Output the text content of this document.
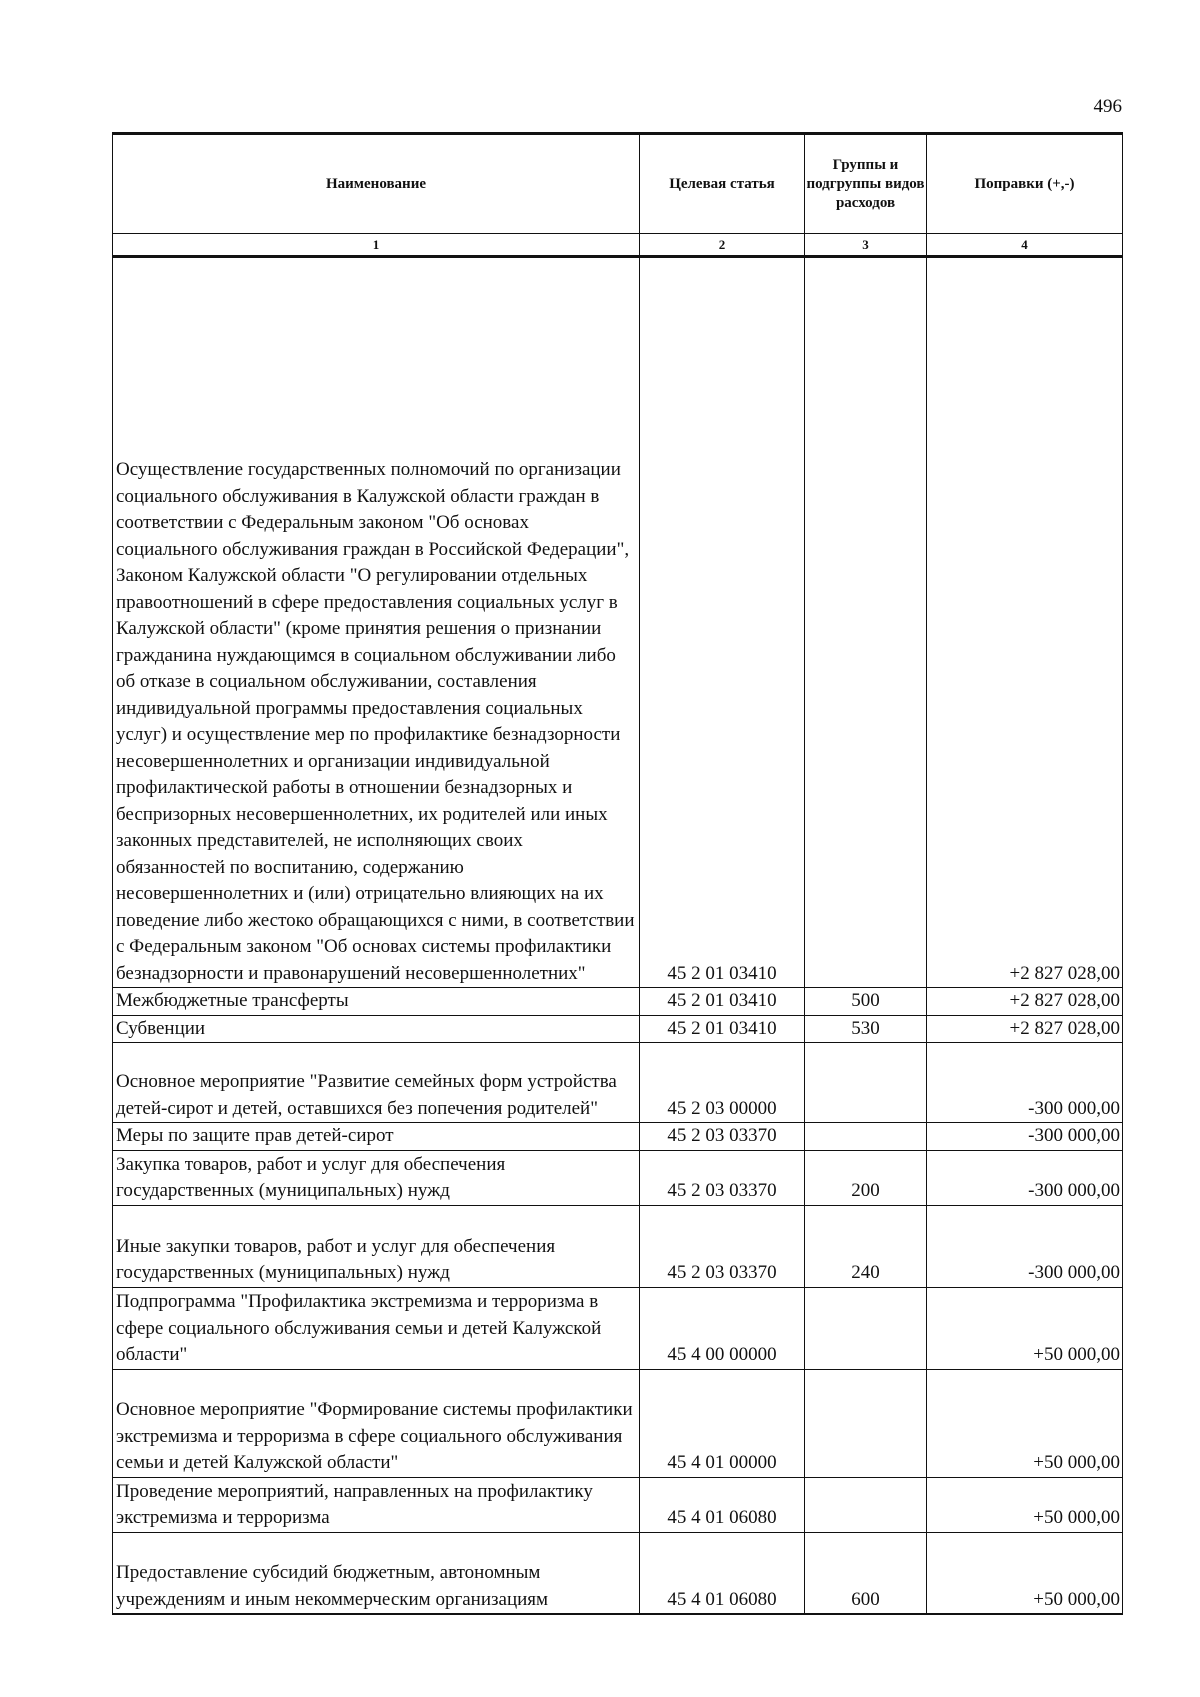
496
Наименование	Целевая статья	Группы и подгруппы видов расходов	Поправки (+,-)
1	2	3	4
Осуществление государственных полномочий по организации социального обслуживания в Калужской области граждан в соответствии с Федеральным законом "Об основах социального обслуживания граждан в Российской Федерации", Законом Калужской области "О регулировании отдельных правоотношений в сфере предоставления социальных услуг в Калужской области" (кроме принятия решения о признании гражданина нуждающимся в социальном обслуживании либо об отказе в социальном обслуживании, составления индивидуальной программы предоставления социальных услуг) и осуществление мер по профилактике безнадзорности несовершеннолетних и организации индивидуальной профилактической работы в отношении безнадзорных и беспризорных несовершеннолетних, их родителей или иных законных представителей, не исполняющих своих обязанностей по воспитанию, содержанию несовершеннолетних и (или) отрицательно влияющих на их поведение либо жестоко обращающихся с ними, в соответствии с Федеральным законом "Об основах системы профилактики безнадзорности и правонарушений несовершеннолетних"	45 2 01 03410		+2 827 028,00
Межбюджетные трансферты	45 2 01 03410	500	+2 827 028,00
Субвенции	45 2 01 03410	530	+2 827 028,00
Основное мероприятие "Развитие семейных форм устройства детей-сирот и детей, оставшихся без попечения родителей"	45 2 03 00000		-300 000,00
Меры по защите прав детей-сирот	45 2 03 03370		-300 000,00
Закупка товаров, работ и услуг для обеспечения государственных (муниципальных) нужд	45 2 03 03370	200	-300 000,00
Иные закупки товаров, работ и услуг для обеспечения государственных (муниципальных) нужд	45 2 03 03370	240	-300 000,00
Подпрограмма "Профилактика экстремизма и терроризма в сфере социального обслуживания семьи и детей Калужской области"	45 4 00 00000		+50 000,00
Основное мероприятие "Формирование системы профилактики экстремизма и терроризма в сфере социального обслуживания семьи и детей Калужской области"	45 4 01 00000		+50 000,00
Проведение мероприятий, направленных на профилактику экстремизма и терроризма	45 4 01 06080		+50 000,00
Предоставление субсидий бюджетным, автономным учреждениям и иным некоммерческим организациям	45 4 01 06080	600	+50 000,00
